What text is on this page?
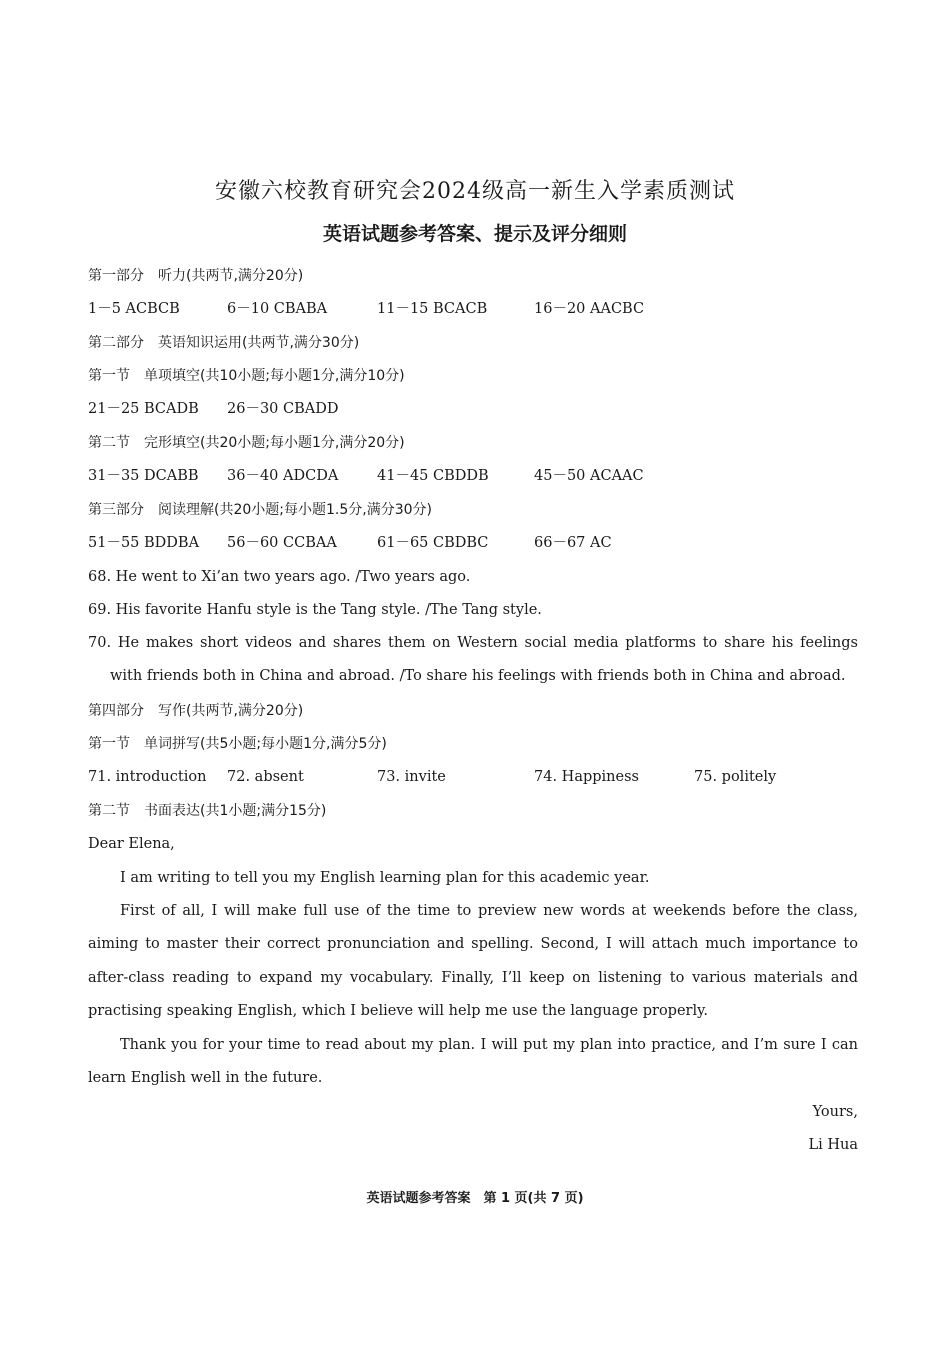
安徽六校教育研究会2024级高一新生入学素质测试
英语试题参考答案、提示及评分细则
第一部分　听力(共两节,满分20分)
1－5 ACBCB	6－10 CBABA	11－15 BCACB	16－20 AACBC
第二部分　英语知识运用(共两节,满分30分)
第一节　单项填空(共10小题;每小题1分,满分10分)
21－25 BCADB 26－30 CBADD
第二节　完形填空(共20小题;每小题1分,满分20分)
31－35 DCABB 36－40 ADCDA	41－45 CBDDB	45－50 ACAAC
第三部分　阅读理解(共20小题;每小题1.5分,满分30分)
51－55 BDDBA 56－60 CCBAA	61－65 CBDBC	66－67 AC
68. He went to Xi’an two years ago. /Two years ago.
69. His favorite Hanfu style is the Tang style. /The Tang style.
70. He makes short videos and shares them on Western social media platforms to share his feelings with friends both in China and abroad. /To share his feelings with friends both in China and abroad.
第四部分　写作(共两节,满分20分)
第一节　单词拼写(共5小题;每小题1分,满分5分)
71. introduction 72. absent	73. invite	74. Happiness	75. politely
第二节　书面表达(共1小题;满分15分)
Dear Elena,
I am writing to tell you my English learning plan for this academic year.
First of all, I will make full use of the time to preview new words at weekends before the class, aiming to master their correct pronunciation and spelling. Second, I will attach much importance to after-class reading to expand my vocabulary. Finally, I’ll keep on listening to various materials and practising speaking English, which I believe will help me use the language properly.
Thank you for your time to read about my plan. I will put my plan into practice, and I’m sure I can learn English well in the future.
Yours,
Li Hua
英语试题参考答案　第 1 页(共 7 页)
